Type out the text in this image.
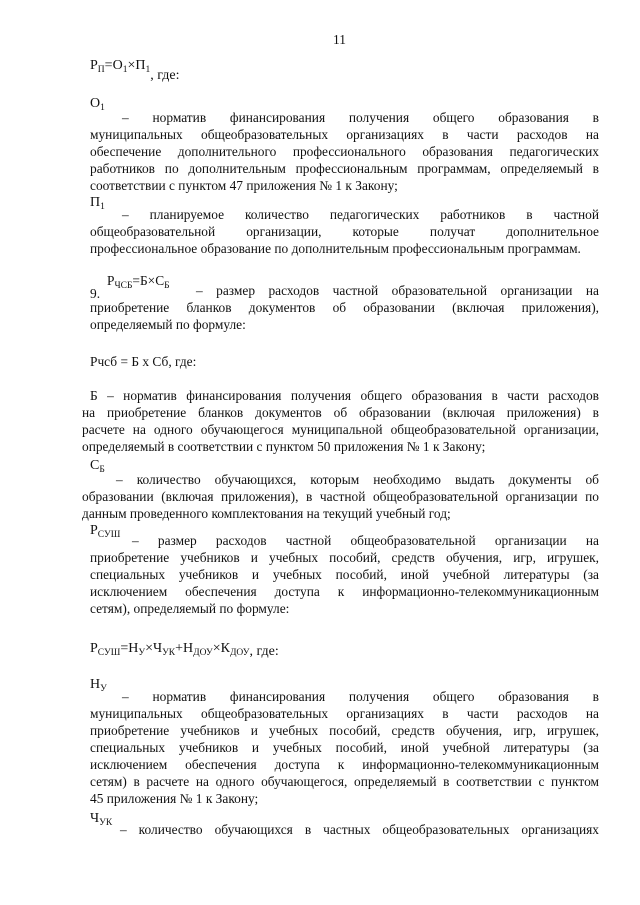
11
$Р_П=О_1\times П_1$, где:
$О_1$
– норматив финансирования получения общего образования в
муниципальных общеобразовательных организациях в части расходов на
обеспечение дополнительного профессионального образования педагогических
работников по дополнительным профессиональным программам, определяемый в
соответствии с пунктом 47 приложения № 1 к Закону;
$П_1$ – планируемое количество педагогических работников в частной
общеобразовательной организации, которые получат дополнительное
профессиональное образование по дополнительным профессиональным программам.
9.
$Р_{ЧСБ}=Б\times С_Б$ – размер расходов частной образовательной организации на
приобретение бланков документов об образовании (включая приложения),
определяемый по формуле:
Рчсб = Б х Сб, где:
Б – норматив финансирования получения общего образования в части расходов
на приобретение бланков документов об образовании (включая приложения) в
расчете на одного обучающегося муниципальной общеобразовательной организации,
определяемый в соответствии с пунктом 50 приложения № 1 к Закону;
$С_Б$
– количество обучающихся, которым необходимо выдать документы об
образовании (включая приложения), в частной общеобразовательной организации по
данным проведенного комплектования на текущий учебный год;
$Р_{СУШ}$ – размер расходов частной общеобразовательной организации на
приобретение учебников и учебных пособий, средств обучения, игр, игрушек,
специальных учебников и учебных пособий, иной учебной литературы (за
исключением обеспечения доступа к информационно-телекоммуникационным
сетям), определяемый по формуле:
$Р_{СУШ}=Н_У\times Ч_{УК}+Н_{ДОУ}\times К_{ДОУ}$, где:
$Н_У$ – норматив финансирования получения общего образования в
муниципальных общеобразовательных организациях в части расходов на
приобретение учебников и учебных пособий, средств обучения, игр, игрушек,
специальных учебников и учебных пособий, иной учебной литературы (за
исключением обеспечения доступа к информационно-телекоммуникационным
сетям) в расчете на одного обучающегося, определяемый в соответствии с пунктом
45 приложения № 1 к Закону;
$Ч_{УК}$ – количество обучающихся в частных общеобразовательных организациях
